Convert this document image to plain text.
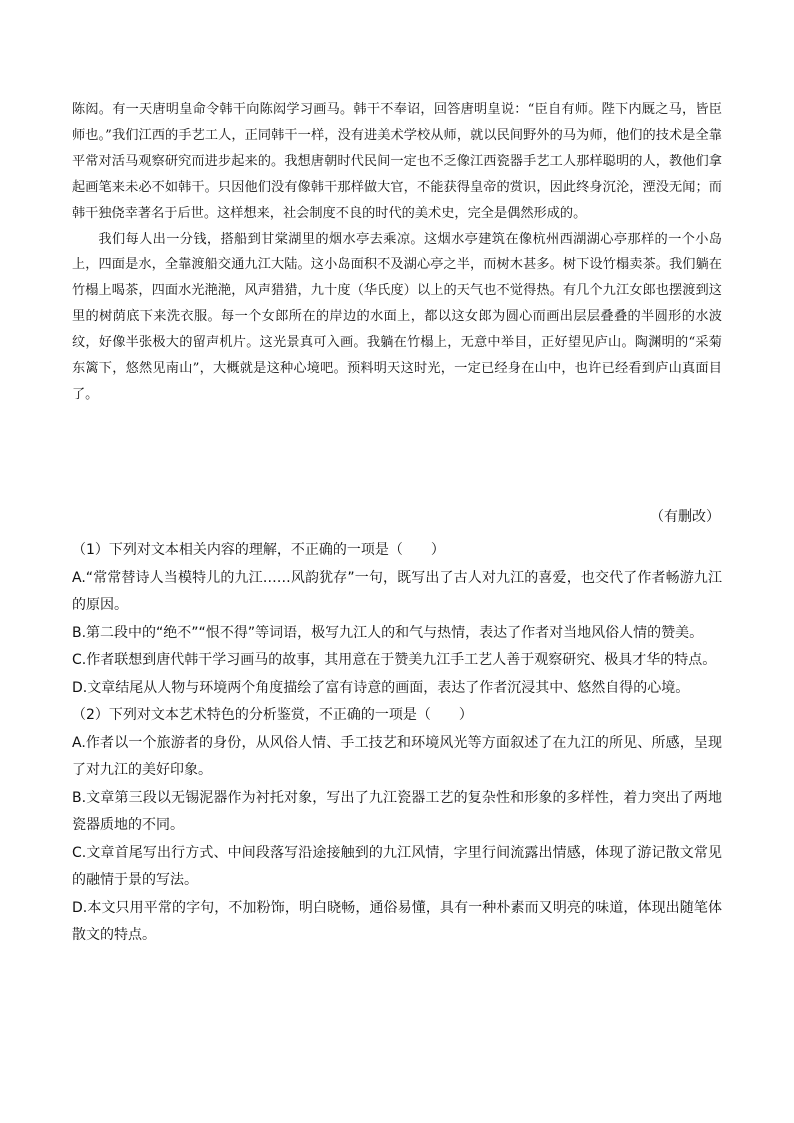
陈闳。有一天唐明皇命令韩干向陈闳学习画马。韩干不奉诏，回答唐明皇说：“臣自有师。陛下内厩之马，皆臣师也。”我们江西的手艺工人，正同韩干一样，没有进美术学校从师，就以民间野外的马为师，他们的技术是全靠平常对活马观察研究而进步起来的。我想唐朝时代民间一定也不乏像江西瓷器手艺工人那样聪明的人，教他们拿起画笔来未必不如韩干。只因他们没有像韩干那样做大官，不能获得皇帝的赏识，因此终身沉沦，湮没无闻；而韩干独侥幸著名于后世。这样想来，社会制度不良的时代的美术史，完全是偶然形成的。

我们每人出一分钱，搭船到甘棠湖里的烟水亭去乘凉。这烟水亭建筑在像杭州西湖湖心亭那样的一个小岛上，四面是水，全靠渡船交通九江大陆。这小岛面积不及湖心亭之半，而树木甚多。树下设竹榻卖茶。我们躺在竹榻上喝茶，四面水光滟滟，风声猎猎，九十度（华氏度）以上的天气也不觉得热。有几个九江女郎也摆渡到这里的树荫底下来洗衣服。每一个女郎所在的岸边的水面上，都以这女郎为圆心而画出层层叠叠的半圆形的水波纹，好像半张极大的留声机片。这光景真可入画。我躺在竹榻上，无意中举目，正好望见庐山。陶渊明的“采菊东篱下，悠然见南山”，大概就是这种心境吧。预料明天这时光，一定已经身在山中，也许已经看到庐山真面目了。

（有删改）

（1）下列对文本相关内容的理解，不正确的一项是（　　）

A.“常常替诗人当模特儿的九江……风韵犹存”一句，既写出了古人对九江的喜爱，也交代了作者畅游九江的原因。

B.第二段中的“绝不”“恨不得”等词语，极写九江人的和气与热情，表达了作者对当地风俗人情的赞美。

C.作者联想到唐代韩干学习画马的故事，其用意在于赞美九江手工艺人善于观察研究、极具才华的特点。

D.文章结尾从人物与环境两个角度描绘了富有诗意的画面，表达了作者沉浸其中、悠然自得的心境。

（2）下列对文本艺术特色的分析鉴赏，不正确的一项是（　　）

A.作者以一个旅游者的身份，从风俗人情、手工技艺和环境风光等方面叙述了在九江的所见、所感，呈现了对九江的美好印象。

B.文章第三段以无锡泥器作为衬托对象，写出了九江瓷器工艺的复杂性和形象的多样性，着力突出了两地瓷器质地的不同。

C.文章首尾写出行方式、中间段落写沿途接触到的九江风情，字里行间流露出情感，体现了游记散文常见的融情于景的写法。

D.本文只用平常的字句，不加粉饰，明白晓畅，通俗易懂，具有一种朴素而又明亮的味道，体现出随笔体散文的特点。
